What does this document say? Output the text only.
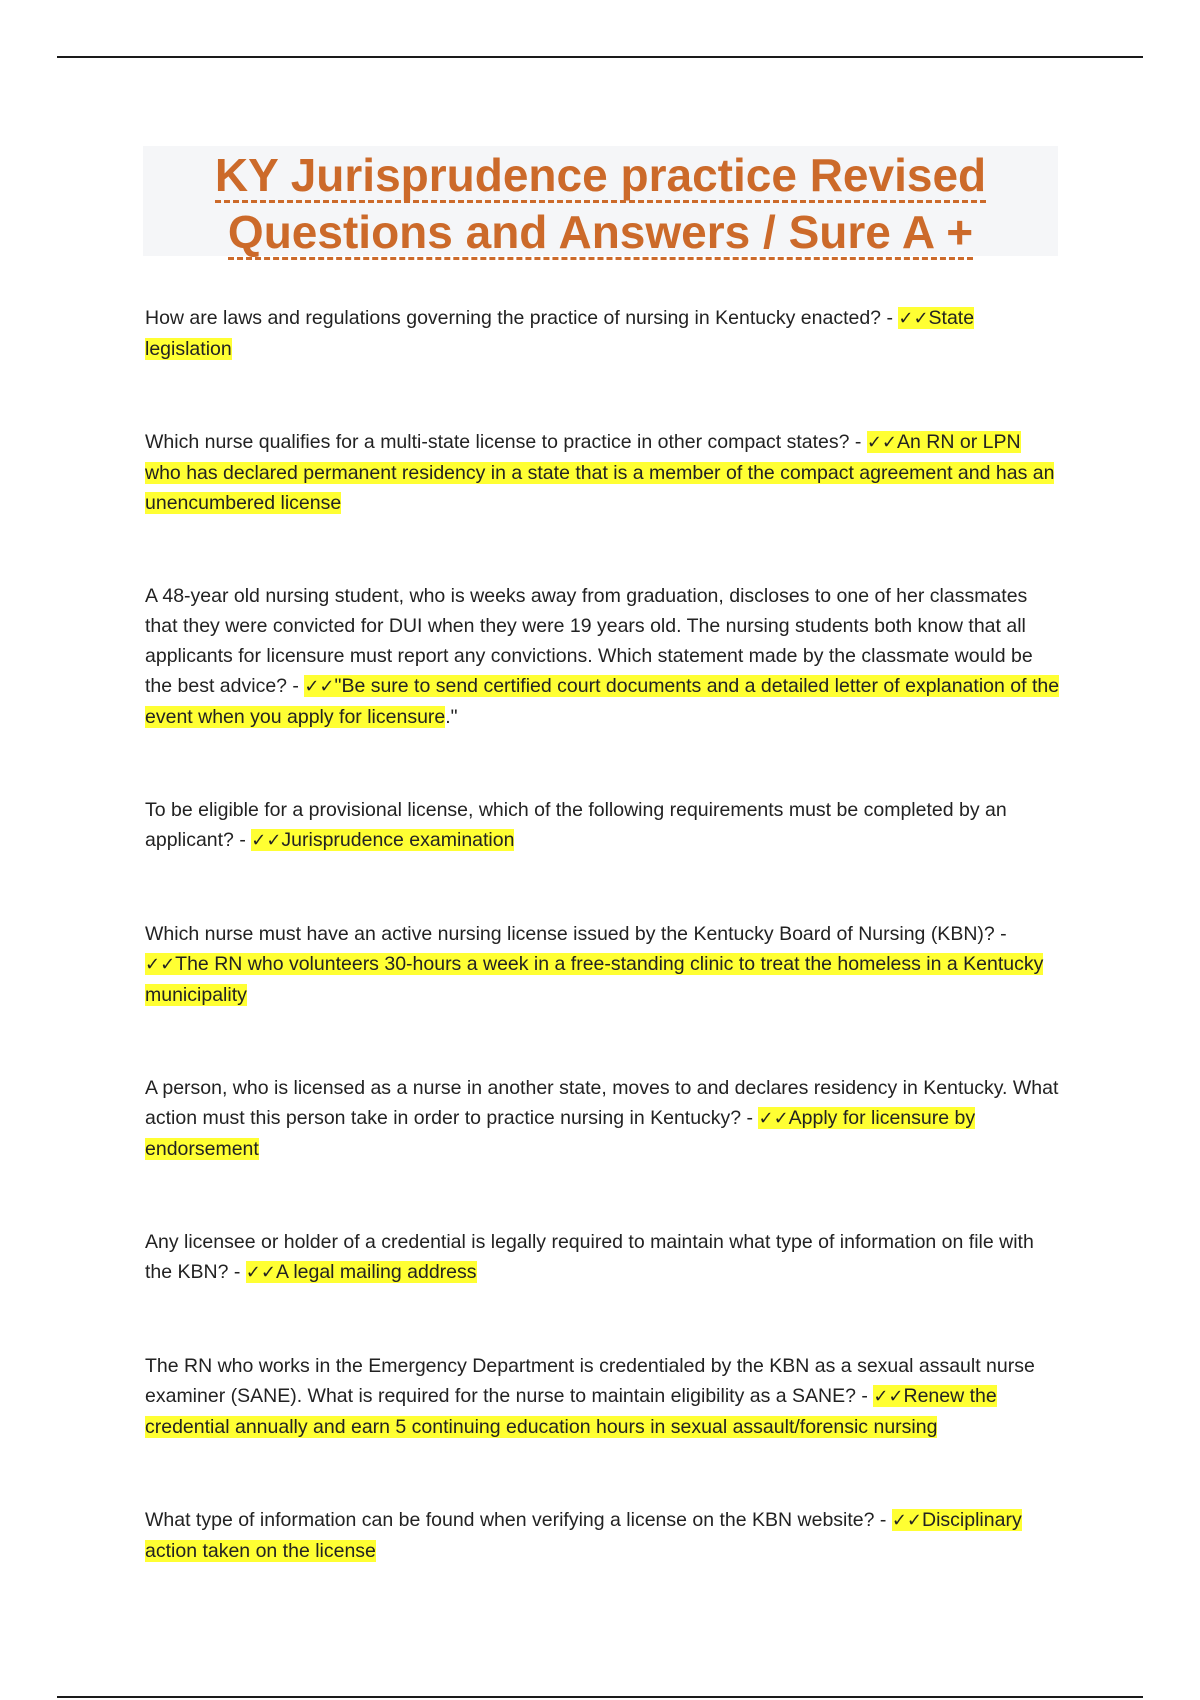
KY Jurisprudence practice Revised
Questions and Answers / Sure A +

How are laws and regulations governing the practice of nursing in Kentucky enacted? - ✓✓State legislation

Which nurse qualifies for a multi-state license to practice in other compact states? - ✓✓An RN or LPN who has declared permanent residency in a state that is a member of the compact agreement and has an unencumbered license

A 48-year old nursing student, who is weeks away from graduation, discloses to one of her classmates that they were convicted for DUI when they were 19 years old. The nursing students both know that all applicants for licensure must report any convictions. Which statement made by the classmate would be the best advice? - ✓✓"Be sure to send certified court documents and a detailed letter of explanation of the event when you apply for licensure."

To be eligible for a provisional license, which of the following requirements must be completed by an applicant? - ✓✓Jurisprudence examination

Which nurse must have an active nursing license issued by the Kentucky Board of Nursing (KBN)? - ✓✓The RN who volunteers 30-hours a week in a free-standing clinic to treat the homeless in a Kentucky municipality

A person, who is licensed as a nurse in another state, moves to and declares residency in Kentucky. What action must this person take in order to practice nursing in Kentucky? - ✓✓Apply for licensure by endorsement

Any licensee or holder of a credential is legally required to maintain what type of information on file with the KBN? - ✓✓A legal mailing address

The RN who works in the Emergency Department is credentialed by the KBN as a sexual assault nurse examiner (SANE). What is required for the nurse to maintain eligibility as a SANE? - ✓✓Renew the credential annually and earn 5 continuing education hours in sexual assault/forensic nursing

What type of information can be found when verifying a license on the KBN website? - ✓✓Disciplinary action taken on the license
